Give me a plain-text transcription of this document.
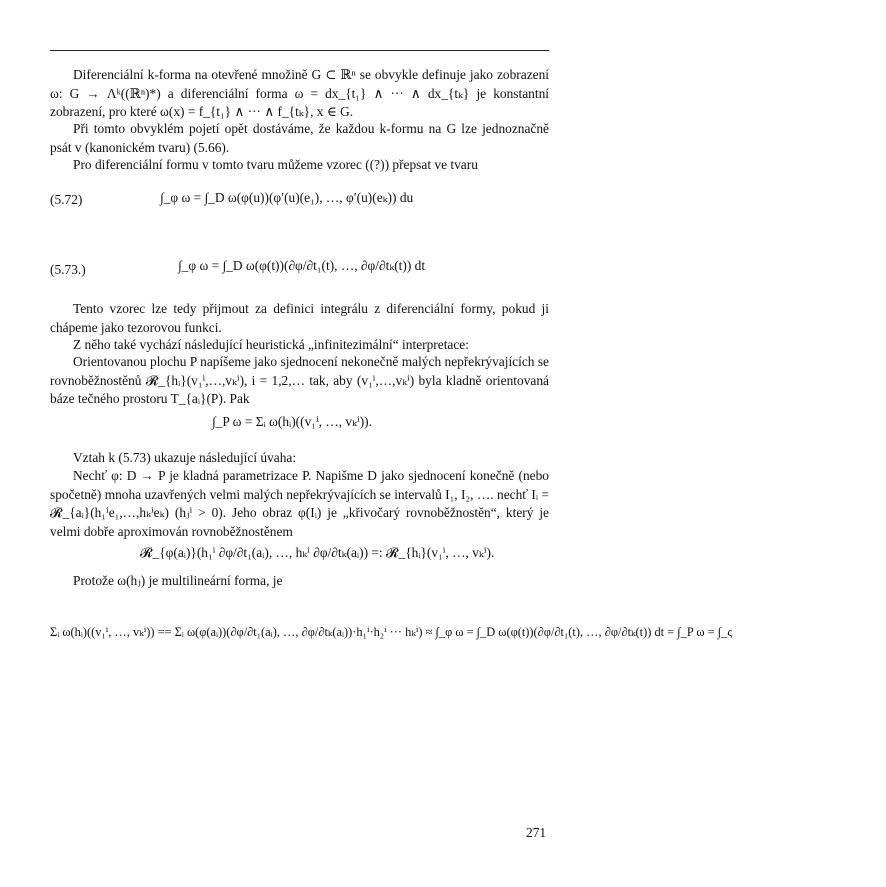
Diferenciální k-forma na otevřené množině G ⊂ ℝⁿ se obvykle definuje jako zobrazení ω: G → Λᵏ((ℝⁿ)*) a diferenciální forma ω = dx_{t₁} ∧ ··· ∧ dx_{tₖ} je konstantní zobrazení, pro které ω(x) = f_{t₁} ∧ ··· ∧ f_{tₖ}, x ∈ G.

Při tomto obvyklém pojetí opět dostáváme, že každou k-formu na G lze jednoznačně psát v (kanonickém tvaru) (5.66).

Pro diferenciální formu v tomto tvaru můžeme vzorec ((?)) přepsat ve tvaru

(5.72)	∫_φ ω = ∫_D ω(φ(u))(φ′(u)(e₁), …, φ′(u)(eₖ)) du
(5.73.)	∫_φ ω = ∫_D ω(φ(t))(∂φ/∂t₁(t), …, ∂φ/∂tₖ(t)) dt

Tento vzorec lze tedy přijmout za definici integrálu z diferenciální formy, pokud ji chápeme jako tezorovou funkci.

Z něho také vychází následující heuristická „infinitezimální“ interpretace:

Orientovanou plochu P napíšeme jako sjednocení nekonečně malých nepřekrývajících se rovnoběžnostěnů 𝓡_{hᵢ}(v₁ⁱ,…,vₖⁱ), i = 1,2,… tak, aby (v₁ⁱ,…,vₖⁱ) byla kladně orientovaná báze tečného prostoru T_{aᵢ}(P). Pak

∫_P ω = Σᵢ ω(hᵢ)((v₁ⁱ, …, vₖⁱ)).

Vztah k (5.73) ukazuje následující úvaha:

Nechť φ: D → P je kladná parametrizace P. Napišme D jako sjednocení konečně (nebo spočetně) mnoha uzavřených velmi malých nepřekrývajících se intervalů I₁, I₂, …. nechť Iᵢ = 𝓡_{aᵢ}(h₁ⁱe₁,…,hₖⁱeₖ) (hⱼⁱ > 0). Jeho obraz φ(Iᵢ) je „křivočarý rovnoběžnostěn“, který je velmi dobře aproximován rovnoběžnostěnem

𝓡_{φ(aᵢ)}(h₁ⁱ ∂φ/∂t₁(aᵢ), …, hₖⁱ ∂φ/∂tₖ(aᵢ)) =: 𝓡_{hᵢ}(v₁ⁱ, …, vₖⁱ).

Protože ω(hⱼ) je multilineární forma, je

Σᵢ ω(hᵢ)((v₁ⁱ, …, vₖⁱ)) == Σᵢ ω(φ(aᵢ))(∂φ/∂t₁(aᵢ), …, ∂φ/∂tₖ(aᵢ))·h₁ⁱ·h₂ⁱ ··· hₖⁱ) ≈ ∫_φ ω = ∫_D ω(φ(t))(∂φ/∂t₁(t), …, ∂φ/∂tₖ(t)) dt = ∫_P ω = ∫_ς
271
